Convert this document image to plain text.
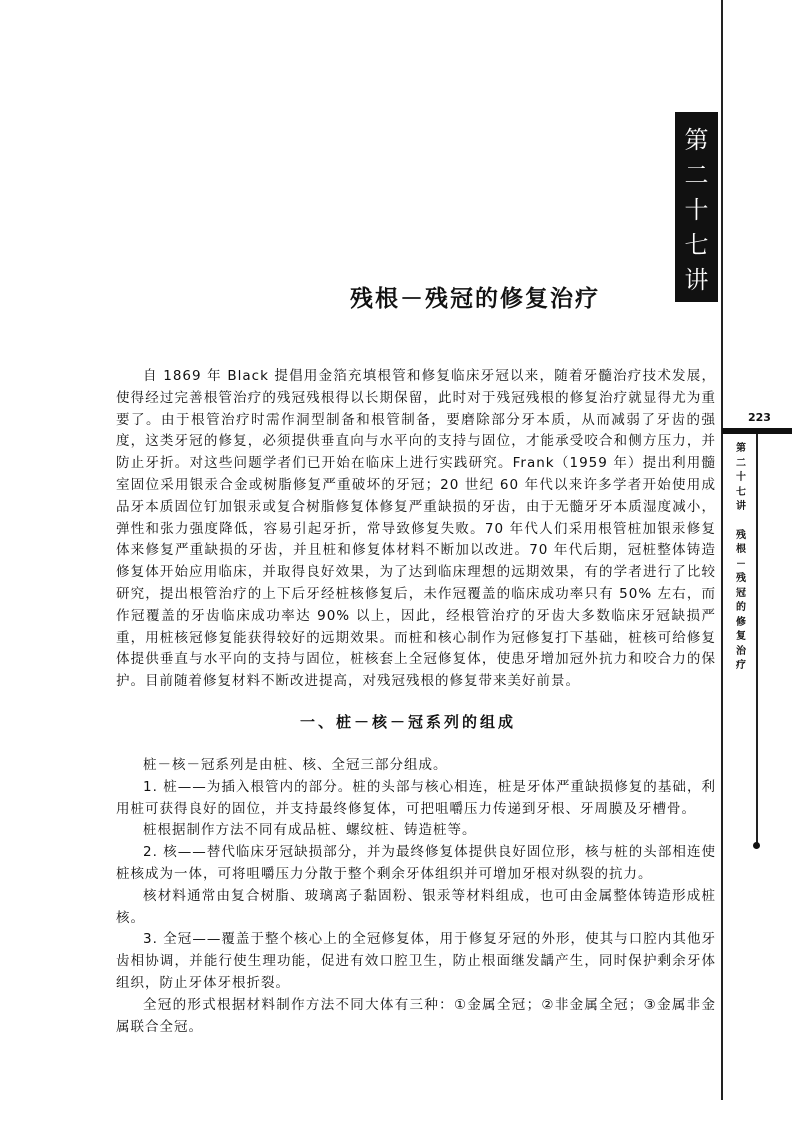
第
二
十
七
讲
残根－残冠的修复治疗

自 1869 年 Black 提倡用金箔充填根管和修复临床牙冠以来，随着牙髓治疗技术发展，使得经过完善根管治疗的残冠残根得以长期保留，此时对于残冠残根的修复治疗就显得尤为重要了。由于根管治疗时需作洞型制备和根管制备，要磨除部分牙本质，从而减弱了牙齿的强度，这类牙冠的修复，必须提供垂直向与水平向的支持与固位，才能承受咬合和侧方压力，并防止牙折。对这些问题学者们已开始在临床上进行实践研究。Frank（1959 年）提出利用髓室固位采用银汞合金或树脂修复严重破坏的牙冠；20 世纪 60 年代以来许多学者开始使用成品牙本质固位钉加银汞或复合树脂修复体修复严重缺损的牙齿，由于无髓牙牙本质湿度减小，弹性和张力强度降低，容易引起牙折，常导致修复失败。70 年代人们采用根管桩加银汞修复体来修复严重缺损的牙齿，并且桩和修复体材料不断加以改进。70 年代后期，冠桩整体铸造修复体开始应用临床，并取得良好效果，为了达到临床理想的远期效果，有的学者进行了比较研究，提出根管治疗的上下后牙经桩核修复后，未作冠覆盖的临床成功率只有 50% 左右，而作冠覆盖的牙齿临床成功率达 90% 以上，因此，经根管治疗的牙齿大多数临床牙冠缺损严重，用桩核冠修复能获得较好的远期效果。而桩和核心制作为冠修复打下基础，桩核可给修复体提供垂直与水平向的支持与固位，桩核套上全冠修复体，使患牙增加冠外抗力和咬合力的保护。目前随着修复材料不断改进提高，对残冠残根的修复带来美好前景。

一、桩－核－冠系列的组成

桩－核－冠系列是由桩、核、全冠三部分组成。

1. 桩——为插入根管内的部分。桩的头部与核心相连，桩是牙体严重缺损修复的基础，利用桩可获得良好的固位，并支持最终修复体，可把咀嚼压力传递到牙根、牙周膜及牙槽骨。

桩根据制作方法不同有成品桩、螺纹桩、铸造桩等。

2. 核——替代临床牙冠缺损部分，并为最终修复体提供良好固位形，核与桩的头部相连使桩核成为一体，可将咀嚼压力分散于整个剩余牙体组织并可增加牙根对纵裂的抗力。

核材料通常由复合树脂、玻璃离子黏固粉、银汞等材料组成，也可由金属整体铸造形成桩核。

3. 全冠——覆盖于整个核心上的全冠修复体，用于修复牙冠的外形，使其与口腔内其他牙齿相协调，并能行使生理功能，促进有效口腔卫生，防止根面继发龋产生，同时保护剩余牙体组织，防止牙体牙根折裂。

全冠的形式根据材料制作方法不同大体有三种：①金属全冠；②非金属全冠；③金属非金属联合全冠。

223
第
二
十
七
讲
残
根
－
残
冠
的
修
复
治
疗
